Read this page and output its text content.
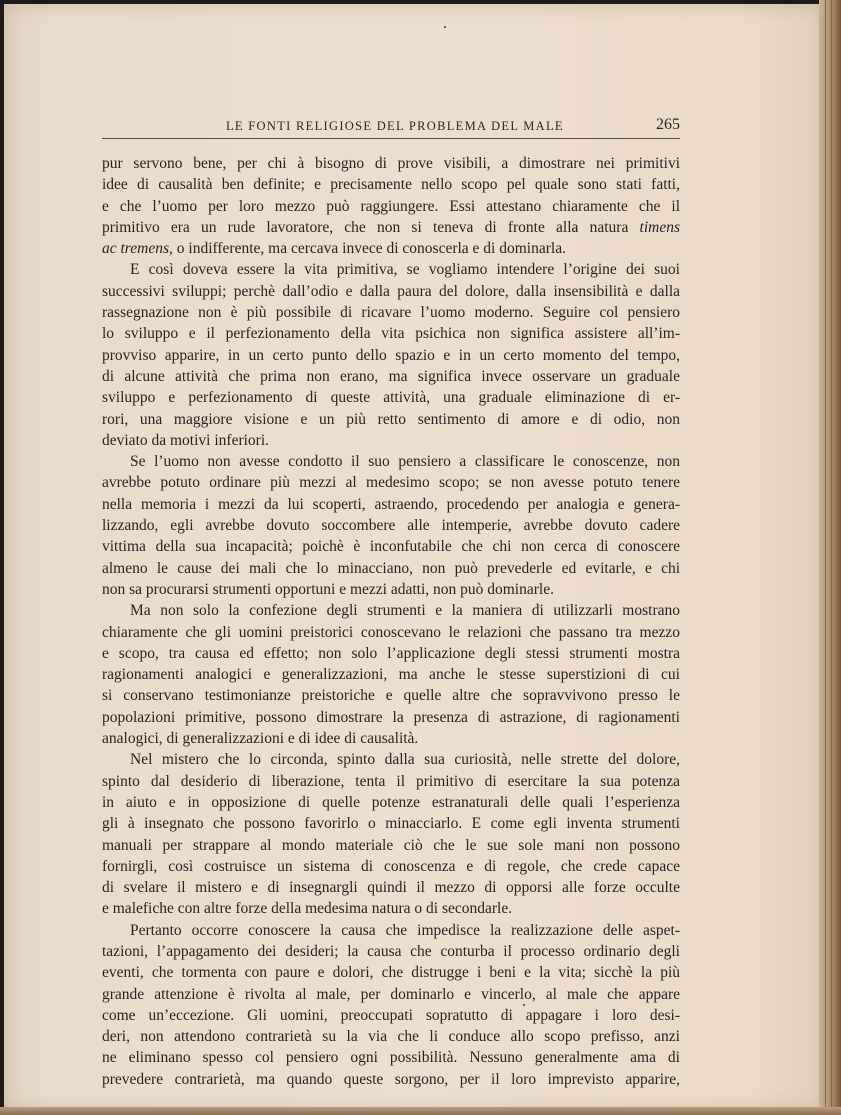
LE FONTI RELIGIOSE DEL PROBLEMA DEL MALE	265

pur servono bene, per chi à bisogno di prove visibili, a dimostrare nei primitivi
idee di causalità ben definite; e precisamente nello scopo pel quale sono stati fatti,
e che l’uomo per loro mezzo può raggiungere. Essi attestano chiaramente che il
primitivo era un rude lavoratore, che non si teneva di fronte alla natura timens
ac tremens, o indifferente, ma cercava invece di conoscerla e di dominarla.

E così doveva essere la vita primitiva, se vogliamo intendere l’origine dei suoi
successivi sviluppi; perchè dall’odio e dalla paura del dolore, dalla insensibilità e dalla
rassegnazione non è più possibile di ricavare l’uomo moderno. Seguire col pensiero
lo sviluppo e il perfezionamento della vita psichica non significa assistere all’im-
provviso apparire, in un certo punto dello spazio e in un certo momento del tempo,
di alcune attività che prima non erano, ma significa invece osservare un graduale
sviluppo e perfezionamento di queste attività, una graduale eliminazione di er-
rori, una maggiore visione e un più retto sentimento di amore e di odio, non
deviato da motivi inferiori.

Se l’uomo non avesse condotto il suo pensiero a classificare le conoscenze, non
avrebbe potuto ordinare più mezzi al medesimo scopo; se non avesse potuto tenere
nella memoria i mezzi da lui scoperti, astraendo, procedendo per analogia e genera-
lizzando, egli avrebbe dovuto soccombere alle intemperie, avrebbe dovuto cadere
vittima della sua incapacità; poichè è inconfutabile che chi non cerca di conoscere
almeno le cause dei mali che lo minacciano, non può prevederle ed evitarle, e chi
non sa procurarsi strumenti opportuni e mezzi adatti, non può dominarle.

Ma non solo la confezione degli strumenti e la maniera di utilizzarli mostrano
chiaramente che gli uomini preistorici conoscevano le relazioni che passano tra mezzo
e scopo, tra causa ed effetto; non solo l’applicazione degli stessi strumenti mostra
ragionamenti analogici e generalizzazioni, ma anche le stesse superstizioni di cui
si conservano testimonianze preistoriche e quelle altre che sopravvivono presso le
popolazioni primitive, possono dimostrare la presenza di astrazione, di ragionamenti
analogici, di generalizzazioni e di idee di causalità.

Nel mistero che lo circonda, spinto dalla sua curiosità, nelle strette del dolore,
spinto dal desiderio di liberazione, tenta il primitivo di esercitare la sua potenza
in aiuto e in opposizione di quelle potenze estranaturali delle quali l’esperienza
gli à insegnato che possono favorirlo o minacciarlo. E come egli inventa strumenti
manuali per strappare al mondo materiale ciò che le sue sole mani non possono
fornirgli, così costruisce un sistema di conoscenza e di regole, che crede capace
di svelare il mistero e di insegnargli quindi il mezzo di opporsi alle forze occulte
e malefiche con altre forze della medesima natura o di secondarle.

Pertanto occorre conoscere la causa che impedisce la realizzazione delle aspet-
tazioni, l’appagamento dei desideri; la causa che conturba il processo ordinario degli
eventi, che tormenta con paure e dolori, che distrugge i beni e la vita; sicchè la più
grande attenzione è rivolta al male, per dominarlo e vincerlo, al male che appare
come un’eccezione. Gli uomini, preoccupati sopratutto di appagare i loro desi-
deri, non attendono contrarietà su la via che li conduce allo scopo prefisso, anzi
ne eliminano spesso col pensiero ogni possibilità. Nessuno generalmente ama di
prevedere contrarietà, ma quando queste sorgono, per il loro imprevisto apparire,
